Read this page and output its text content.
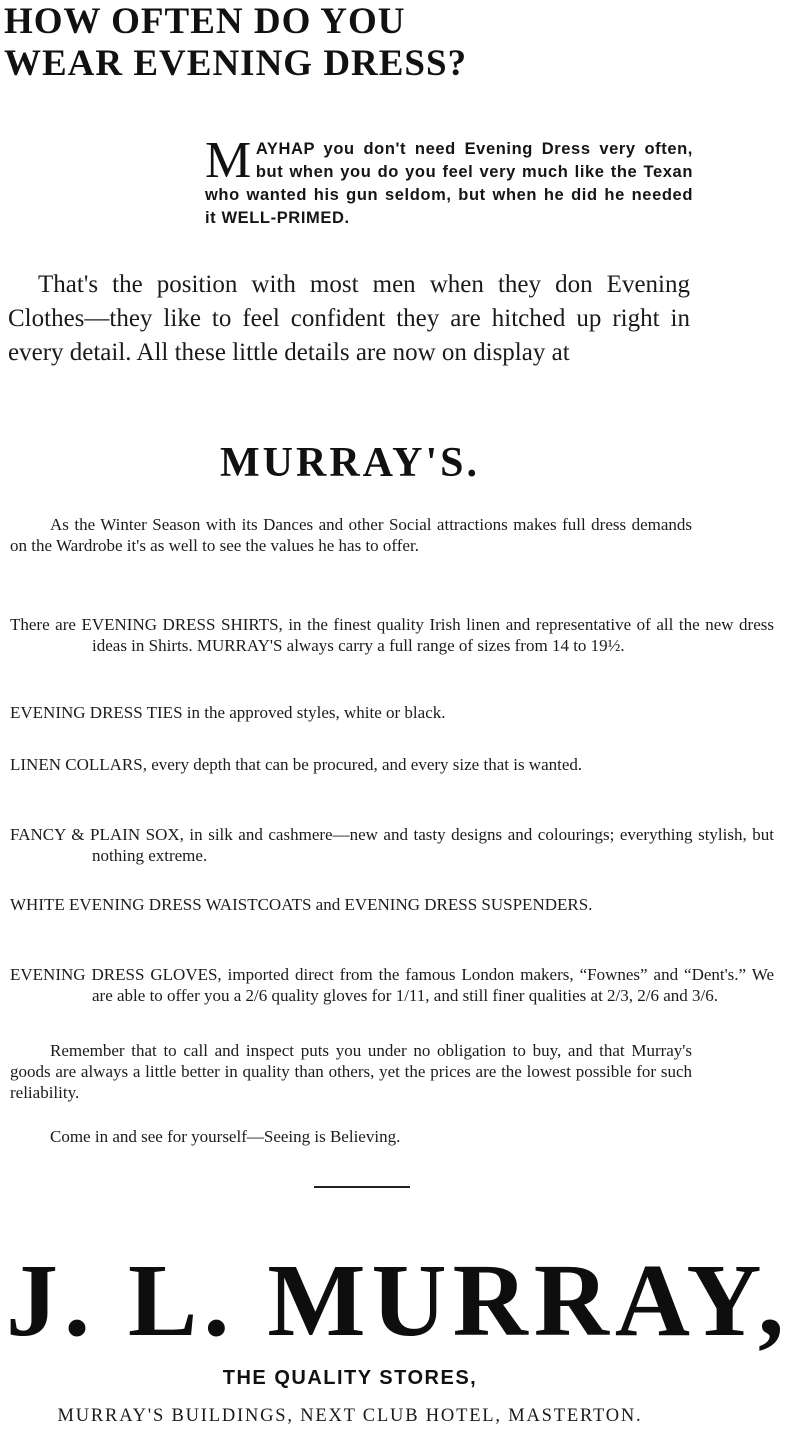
HOW OFTEN DO YOU
WEAR EVENING DRESS?
M AYHAP you don't need Evening Dress very often, but when you do you feel very much like the Texan who wanted his gun seldom, but when he did he needed it WELL-PRIMED.
That's the position with most men when they don Evening Clothes—they like to feel confident they are hitched up right in every detail. All these little details are now on display at
MURRAY'S.
As the Winter Season with its Dances and other Social attractions makes full dress demands on the Wardrobe it's as well to see the values he has to offer.
There are EVENING DRESS SHIRTS, in the finest quality Irish linen and representative of all the new dress ideas in Shirts. MURRAY'S always carry a full range of sizes from 14 to 19½.
EVENING DRESS TIES in the approved styles, white or black.
LINEN COLLARS, every depth that can be procured, and every size that is wanted.
FANCY & PLAIN SOX, in silk and cashmere—new and tasty designs and colourings; everything stylish, but nothing extreme.
WHITE EVENING DRESS WAISTCOATS and EVENING DRESS SUSPENDERS.
EVENING DRESS GLOVES, imported direct from the famous London makers, “Fownes” and “Dent's.” We are able to offer you a 2/6 quality gloves for 1/11, and still finer qualities at 2/3, 2/6 and 3/6.
Remember that to call and inspect puts you under no obligation to buy, and that Murray's goods are always a little better in quality than others, yet the prices are the lowest possible for such reliability.
Come in and see for yourself—Seeing is Believing.
J. L. MURRAY,
THE QUALITY STORES,
MURRAY'S BUILDINGS, NEXT CLUB HOTEL, MASTERTON.
